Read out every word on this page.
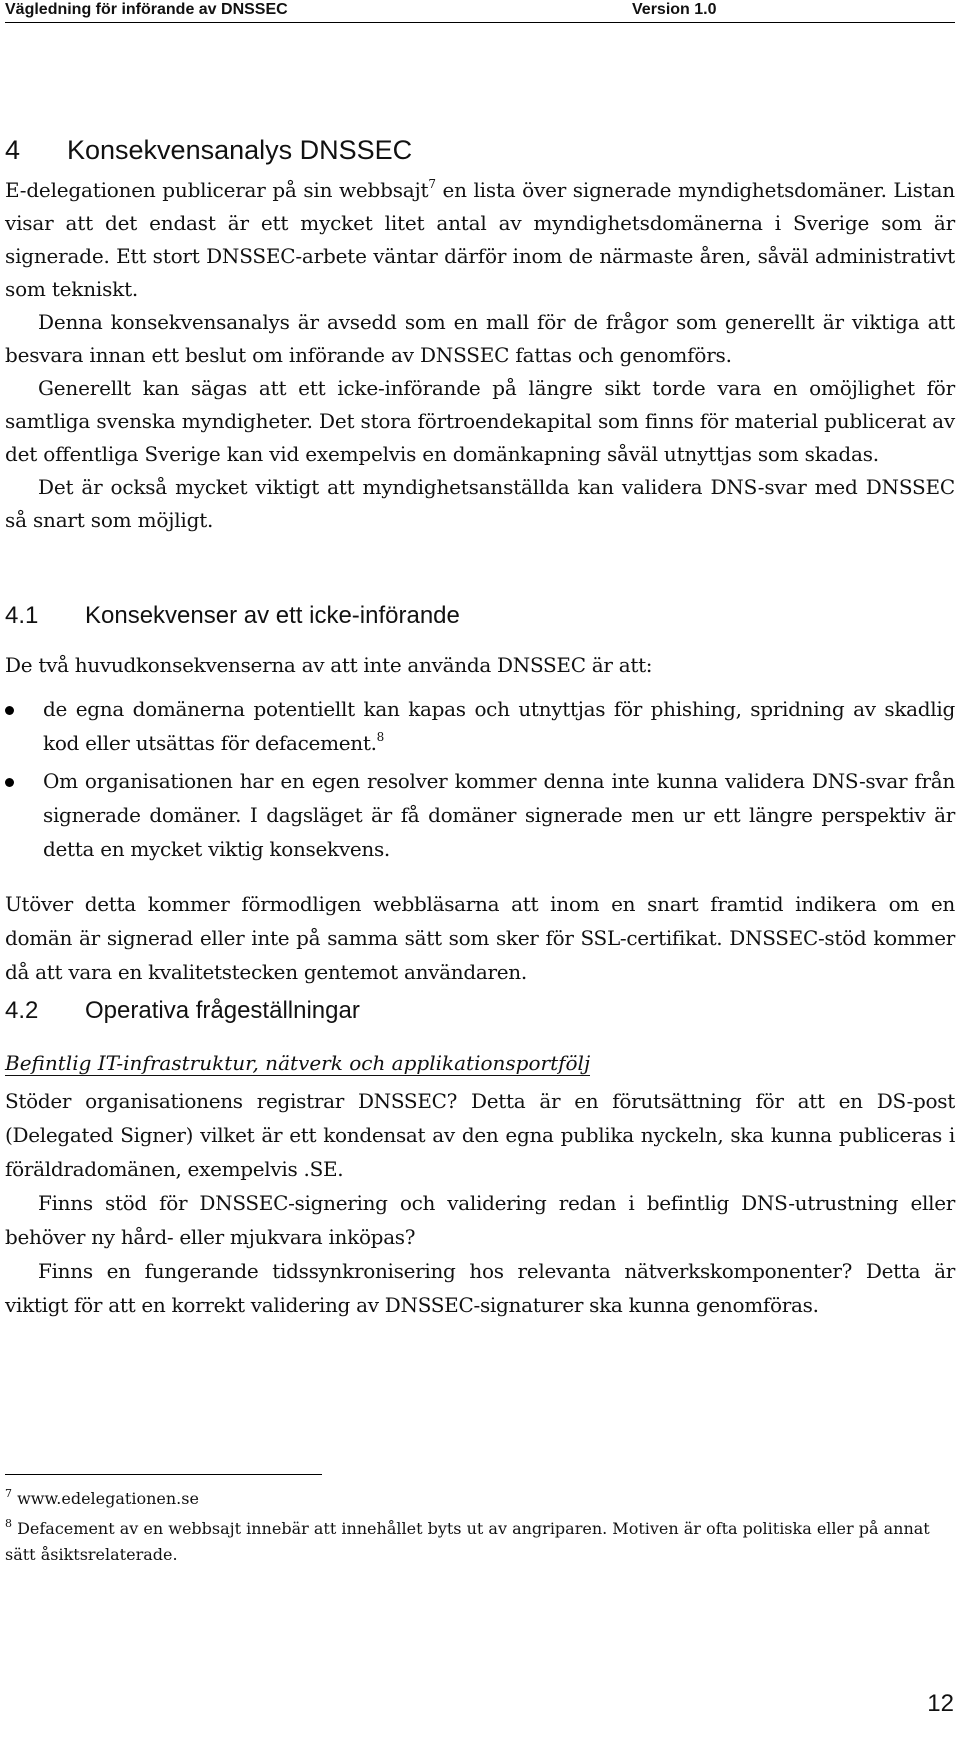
Vägledning för införande av DNSSEC	Version 1.0
4 Konsekvensanalys DNSSEC

E-delegationen publicerar på sin webbsajt$^7$ en lista över signerade myndighetsdomäner. Listan visar att det endast är ett mycket litet antal av myndighetsdomänerna i Sverige som är signerade. Ett stort DNSSEC-arbete väntar därför inom de närmaste åren, såväl administrativt som tekniskt.

Denna konsekvensanalys är avsedd som en mall för de frågor som generellt är viktiga att besvara innan ett beslut om införande av DNSSEC fattas och genomförs.

Generellt kan sägas att ett icke-införande på längre sikt torde vara en omöjlighet för samtliga svenska myndigheter. Det stora förtroendekapital som finns för material publicerat av det offentliga Sverige kan vid exempelvis en domänkapning såväl utnyttjas som skadas.

Det är också mycket viktigt att myndighetsanställda kan validera DNS-svar med DNSSEC så snart som möjligt.

4.1 Konsekvenser av ett icke-införande
De två huvudkonsekvenserna av att inte använda DNSSEC är att:
de egna domänerna potentiellt kan kapas och utnyttjas för phishing, spridning av skadlig kod eller utsättas för defacement.$^8$
Om organisationen har en egen resolver kommer denna inte kunna validera DNS-svar från signerade domäner. I dagsläget är få domäner signerade men ur ett längre perspektiv är detta en mycket viktig konsekvens.

Utöver detta kommer förmodligen webbläsarna att inom en snart framtid indikera om en domän är signerad eller inte på samma sätt som sker för SSL-certifikat. DNSSEC-stöd kommer då att vara en kvalitetstecken gentemot användaren.

4.2 Operativa frågeställningar
Befintlig IT-infrastruktur, nätverk och applikationsportfölj

Stöder organisationens registrar DNSSEC? Detta är en förutsättning för att en DS-post (Delegated Signer) vilket är ett kondensat av den egna publika nyckeln, ska kunna publiceras i föräldradomänen, exempelvis .SE.

Finns stöd för DNSSEC-signering och validering redan i befintlig DNS-utrustning eller behöver ny hård- eller mjukvara inköpas?

Finns en fungerande tidssynkronisering hos relevanta nätverkskomponenter? Detta är viktigt för att en korrekt validering av DNSSEC-signaturer ska kunna genomföras.

$^7$ www.edelegationen.se
$^8$ Defacement av en webbsajt innebär att innehållet byts ut av angriparen. Motiven är ofta politiska eller på annat sätt åsiktsrelaterade.
12
